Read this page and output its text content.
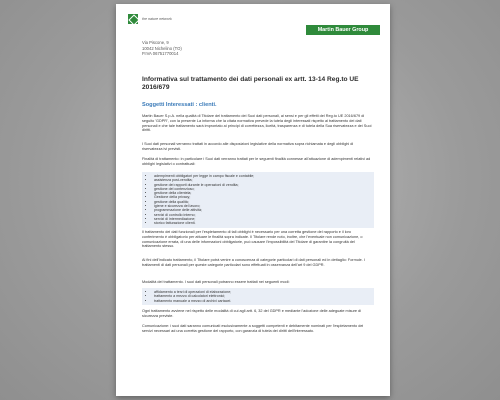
the nature network
Martin Bauer Group
Via Piscone, 9
10042 Nichelino (TO)
P.IVA 06751770014
Informativa sul trattamento dei dati personali ex artt. 13-14 Reg.to UE 2016/679
Soggetti Interessati : clienti.
Martin Bauer S.p.A. nella qualità di Titolare del trattamento dei Suoi dati personali, ai sensi e per gli effetti del Reg.to UE 2016/679 di seguito 'GDPR', con la presente La informa che la citata normativa prevede la tutela degli interessati rispetto al trattamento dei dati personali e che tale trattamento sarà improntato ai principi di correttezza, liceità, trasparenza e di tutela della Sua riservatezza e dei Suoi diritti.
I Suoi dati personali verranno trattati in accordo alle disposizioni legislative della normativa sopra richiamata e degli obblighi di riservatezza ivi previsti.
Finalità di trattamento: in particolare i Suoi dati verranno trattati per le seguenti finalità connesse all'attuazione di adempimenti relativi ad obblighi legislativi o contrattuali:
• adempimenti obbligatori per legge in campo fiscale e contabile;
• assistenza post-vendita;
• gestione dei rapporti durante le operazioni di vendita;
• gestione del contenzioso;
• gestione della clientela;
• Gestione della privacy;
• gestione della qualità;
• igiene e sicurezza del lavoro;
• programmazione delle attività;
• servizi di controllo interno;
• servizi di intermediazione;
• storico fatturazione clienti.
Il trattamento dei dati funzionali per l'espletamento di tali obblighi è necessario per una corretta gestione del rapporto e il loro conferimento è obbligatorio per attuare le finalità sopra indicate. Il Titolare rende noto, inoltre, che l'eventuale non comunicazione, o comunicazione errata, di una delle informazioni obbligatorie, può causare l'impossibilità del Titolare di garantire la congruità del trattamento stesso.
Ai fini dell'indicato trattamento, il Titolare potrà venire a conoscenza di categorie particolari di dati personali ed in dettaglio: Formule. I trattamenti di dati personali per queste categorie particolari sono effettuati in osservanza dell'art 9 del GDPR.
Modalità del trattamento. I suoi dati personali potranno essere trattati nei seguenti modi:
• affidamento a terzi di operazioni di elaborazione;
• trattamento a mezzo di calcolatori elettronici;
• trattamento manuale a mezzo di archivi cartacei.
Ogni trattamento avviene nel rispetto delle modalità di cui agli artt. 6, 32 del GDPR e mediante l'adozione delle adeguate misure di sicurezza previste.
Comunicazione: i suoi dati saranno comunicati esclusivamente a soggetti competenti e debitamente nominati per l'espletamento dei servizi necessari ad una corretta gestione del rapporto, con garanzia di tutela dei diritti dell'interessato.
